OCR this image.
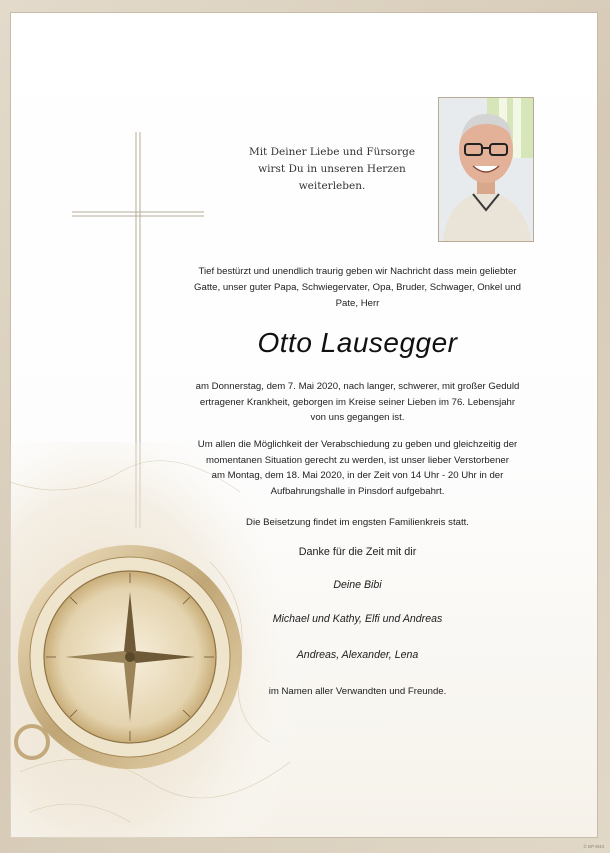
Mit Deiner Liebe und Fürsorge
wirst Du in unseren Herzen
weiterleben.
Tief bestürzt und unendlich traurig geben wir Nachricht dass mein geliebter
Gatte, unser guter Papa, Schwiegervater, Opa, Bruder, Schwager, Onkel und
Pate, Herr
Otto Lausegger
am Donnerstag, dem 7. Mai 2020, nach langer, schwerer, mit großer Geduld
ertragener Krankheit, geborgen im Kreise seiner Lieben im 76. Lebensjahr
von uns gegangen ist.
Um allen die Möglichkeit der Verabschiedung zu geben und gleichzeitig der
momentanen Situation gerecht zu werden, ist unser lieber Verstorbener
am Montag, dem 18. Mai 2020, in der Zeit von 14 Uhr - 20 Uhr in der
Aufbahrungshalle in Pinsdorf aufgebahrt.
Die Beisetzung findet im engsten Familienkreis statt.
Danke für die Zeit mit dir
Deine Bibi
Michael und Kathy, Elfi und Andreas
Andreas, Alexander, Lena
im Namen aller Verwandten und Freunde.
© EP 9/44
